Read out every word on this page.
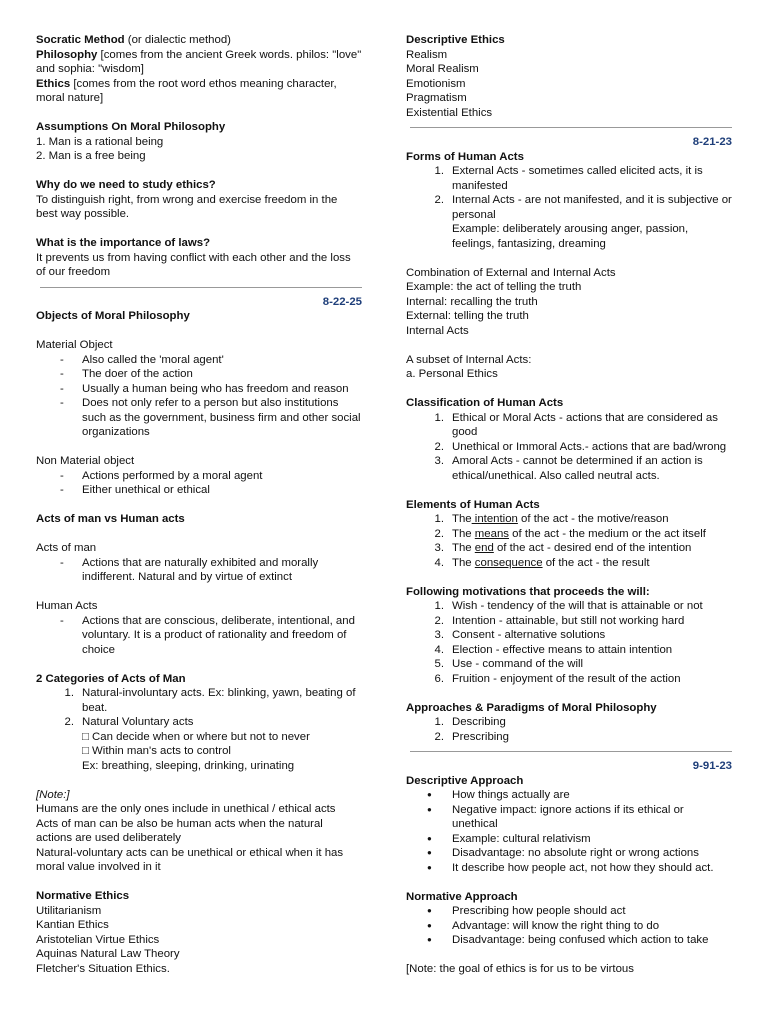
Socratic Method (or dialectic method)

Philosophy [comes from the ancient Greek words. philos: "love" and sophia: "wisdom]

Ethics [comes from the root word ethos meaning character, moral nature]

Assumptions On Moral Philosophy

1. Man is a rational being

2. Man is a free being

Why do we need to study ethics?

To distinguish right, from wrong and exercise freedom in the best way possible.

What is the importance of laws?

It prevents us from having conflict with each other and the loss of our freedom

8-22-25

Objects of Moral Philosophy

Material Object

- Also called the 'moral agent'
- The doer of the action
- Usually a human being who has freedom and reason
- Does not only refer to a person but also institutions such as the government, business firm and other social organizations

Non Material object

- Actions performed by a moral agent
- Either unethical or ethical

Acts of man vs Human acts

Acts of man

- Actions that are naturally exhibited and morally indifferent. Natural and by virtue of extinct

Human Acts

- Actions that are conscious, deliberate, intentional, and voluntary. It is a product of rationality and freedom of choice

2 Categories of Acts of Man

1. Natural-involuntary acts. Ex: blinking, yawn, beating of beat.
2. Natural Voluntary acts

□ Can decide when or where but not to never

□ Within man's acts to control

Ex: breathing, sleeping, drinking, urinating

[Note:]

Humans are the only ones include in unethical / ethical acts

Acts of man can be also be human acts when the natural actions are used deliberately

Natural-voluntary acts can be unethical or ethical when it has moral value involved in it

Normative Ethics

Utilitarianism

Kantian Ethics

Aristotelian Virtue Ethics

Aquinas Natural Law Theory

Fletcher's Situation Ethics.

Descriptive Ethics

Realism

Moral Realism

Emotionism

Pragmatism

Existential Ethics

8-21-23

Forms of Human Acts

1. External Acts - sometimes called elicited acts, it is manifested
2. Internal Acts - are not manifested, and it is subjective or personal

Example: deliberately arousing anger, passion, feelings, fantasizing, dreaming

Combination of External and Internal Acts

Example: the act of telling the truth

Internal: recalling the truth

External: telling the truth

Internal Acts

A subset of Internal Acts:

a. Personal Ethics

Classification of Human Acts

1. Ethical or Moral Acts - actions that are considered as good
2. Unethical or Immoral Acts.- actions that are bad/wrong
3. Amoral Acts - cannot be determined if an action is ethical/unethical. Also called neutral acts.

Elements of Human Acts

1. The intention of the act - the motive/reason
2. The means of the act - the medium or the act itself
3. The end of the act - desired end of the intention
4. The consequence of the act - the result

Following motivations that proceeds the will:

1. Wish - tendency of the will that is attainable or not
2. Intention - attainable, but still not working hard
3. Consent - alternative solutions
4. Election - effective means to attain intention
5. Use - command of the will
6. Fruition - enjoyment of the result of the action

Approaches & Paradigms of Moral Philosophy

1. Describing
2. Prescribing

9-91-23

Descriptive Approach

● How things actually are
● Negative impact: ignore actions if its ethical or unethical
● Example: cultural relativism
● Disadvantage: no absolute right or wrong actions
● It describe how people act, not how they should act.

Normative Approach

● Prescribing how people should act
● Advantage: will know the right thing to do
● Disadvantage: being confused which action to take

[Note: the goal of ethics is for us to be virtous
